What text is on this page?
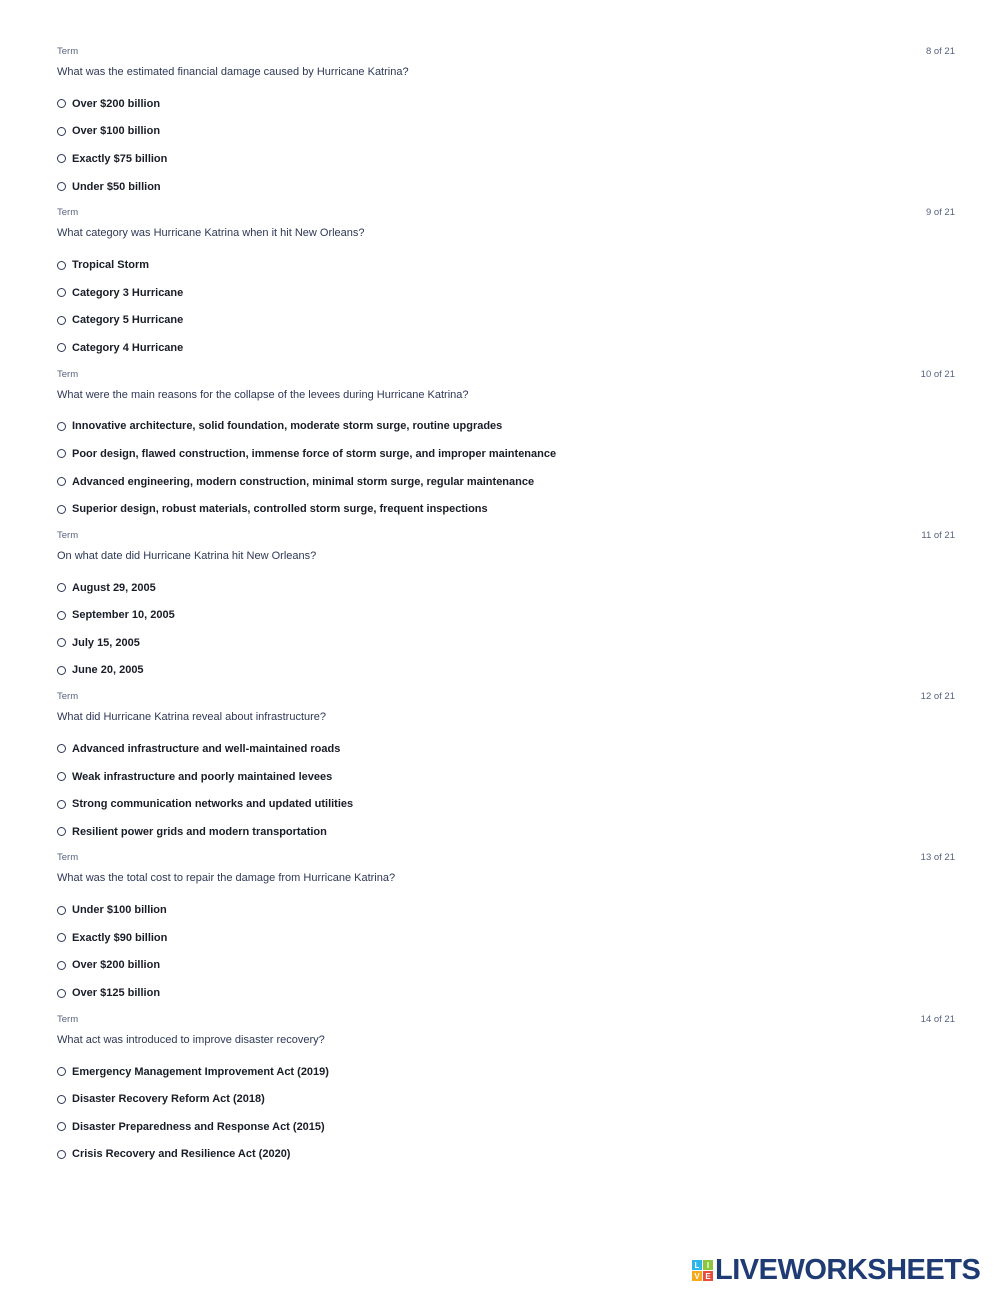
Term	8 of 21
What was the estimated financial damage caused by Hurricane Katrina?
Over $200 billion
Over $100 billion
Exactly $75 billion
Under $50 billion
Term	9 of 21
What category was Hurricane Katrina when it hit New Orleans?
Tropical Storm
Category 3 Hurricane
Category 5 Hurricane
Category 4 Hurricane
Term	10 of 21
What were the main reasons for the collapse of the levees during Hurricane Katrina?
Innovative architecture, solid foundation, moderate storm surge, routine upgrades
Poor design, flawed construction, immense force of storm surge, and improper maintenance
Advanced engineering, modern construction, minimal storm surge, regular maintenance
Superior design, robust materials, controlled storm surge, frequent inspections
Term	11 of 21
On what date did Hurricane Katrina hit New Orleans?
August 29, 2005
September 10, 2005
July 15, 2005
June 20, 2005
Term	12 of 21
What did Hurricane Katrina reveal about infrastructure?
Advanced infrastructure and well-maintained roads
Weak infrastructure and poorly maintained levees
Strong communication networks and updated utilities
Resilient power grids and modern transportation
Term	13 of 21
What was the total cost to repair the damage from Hurricane Katrina?
Under $100 billion
Exactly $90 billion
Over $200 billion
Over $125 billion
Term	14 of 21
What act was introduced to improve disaster recovery?
Emergency Management Improvement Act (2019)
Disaster Recovery Reform Act (2018)
Disaster Preparedness and Response Act (2015)
Crisis Recovery and Resilience Act (2020)
L I
V E LIVEWORKSHEETS
